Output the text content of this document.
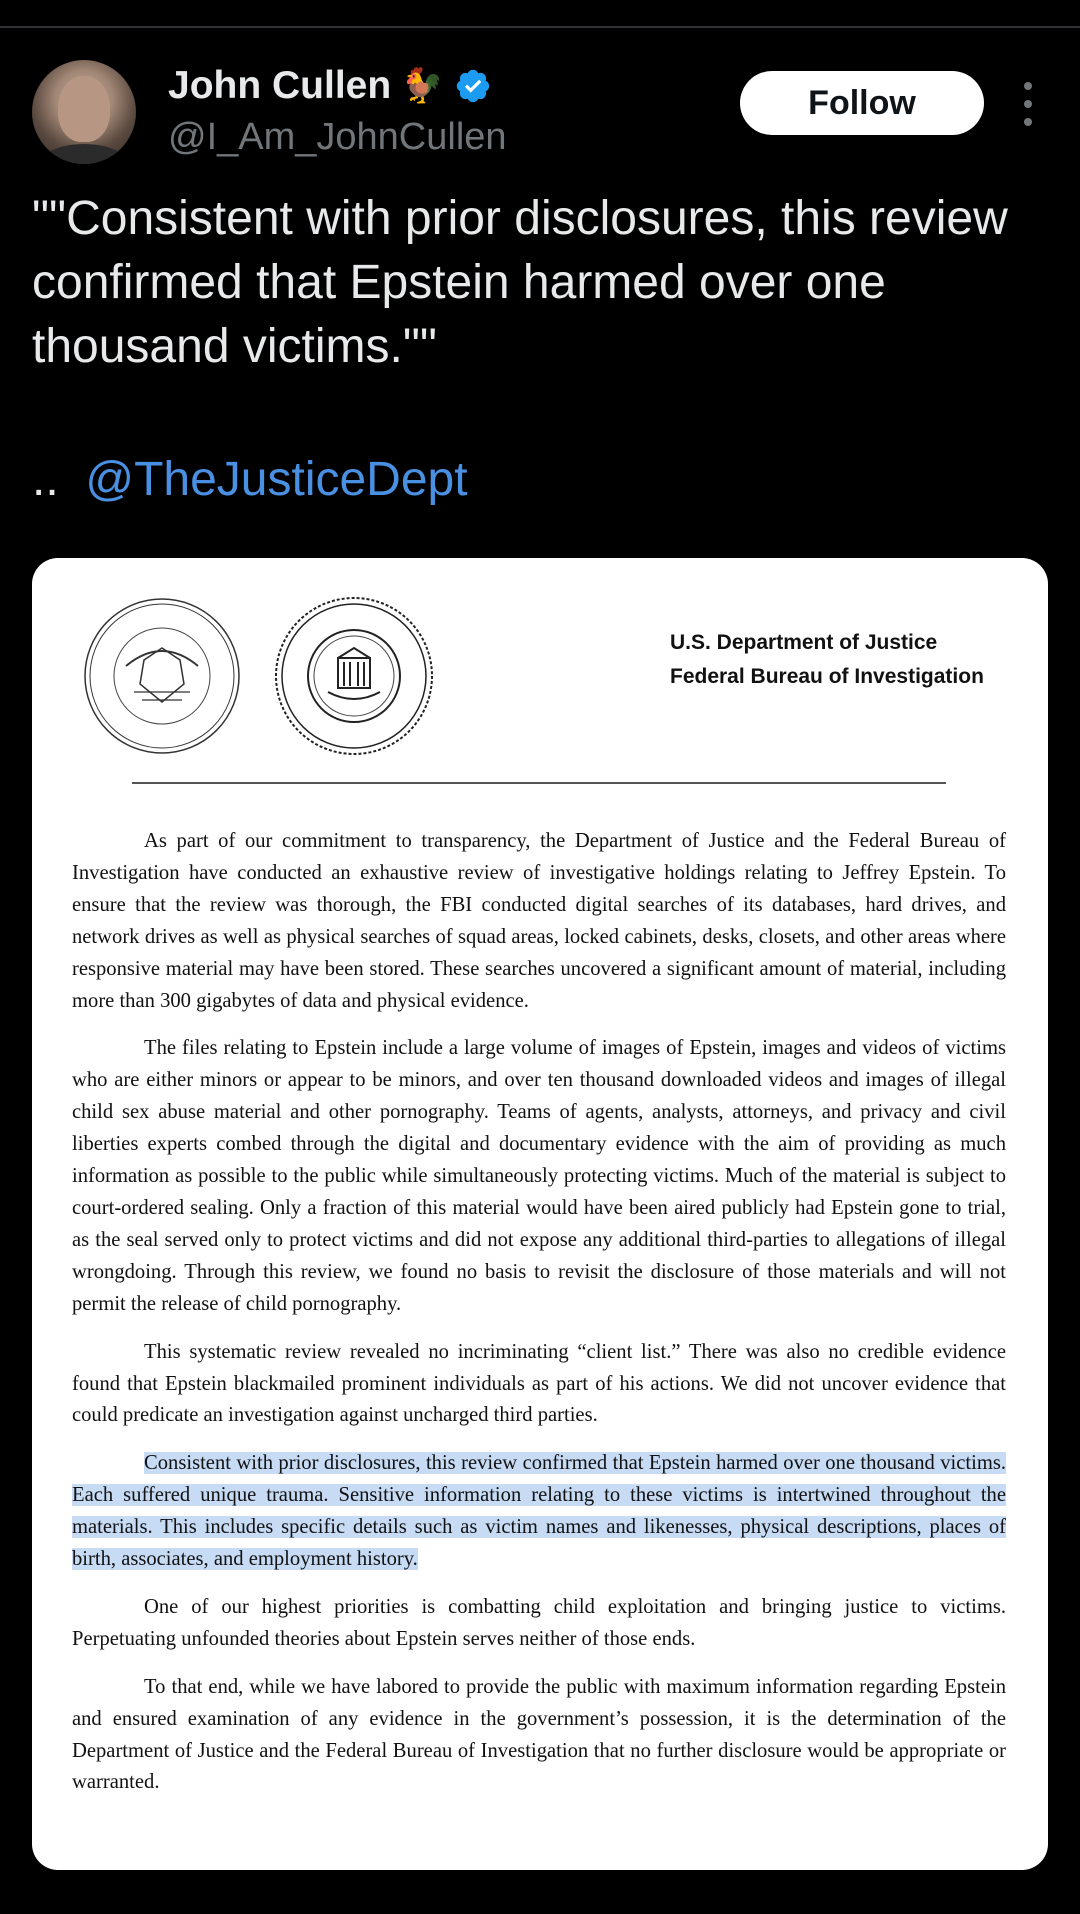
John Cullen 🐓
@I_Am_JohnCullen
Follow
""Consistent with prior disclosures, this review confirmed that Epstein harmed over one thousand victims.""
.. @TheJusticeDept
U.S. Department of Justice
Federal Bureau of Investigation

As part of our commitment to transparency, the Department of Justice and the Federal Bureau of Investigation have conducted an exhaustive review of investigative holdings relating to Jeffrey Epstein. To ensure that the review was thorough, the FBI conducted digital searches of its databases, hard drives, and network drives as well as physical searches of squad areas, locked cabinets, desks, closets, and other areas where responsive material may have been stored. These searches uncovered a significant amount of material, including more than 300 gigabytes of data and physical evidence.

The files relating to Epstein include a large volume of images of Epstein, images and videos of victims who are either minors or appear to be minors, and over ten thousand downloaded videos and images of illegal child sex abuse material and other pornography. Teams of agents, analysts, attorneys, and privacy and civil liberties experts combed through the digital and documentary evidence with the aim of providing as much information as possible to the public while simultaneously protecting victims. Much of the material is subject to court-ordered sealing. Only a fraction of this material would have been aired publicly had Epstein gone to trial, as the seal served only to protect victims and did not expose any additional third-parties to allegations of illegal wrongdoing. Through this review, we found no basis to revisit the disclosure of those materials and will not permit the release of child pornography.

This systematic review revealed no incriminating “client list.” There was also no credible evidence found that Epstein blackmailed prominent individuals as part of his actions. We did not uncover evidence that could predicate an investigation against uncharged third parties.

Consistent with prior disclosures, this review confirmed that Epstein harmed over one thousand victims. Each suffered unique trauma. Sensitive information relating to these victims is intertwined throughout the materials. This includes specific details such as victim names and likenesses, physical descriptions, places of birth, associates, and employment history.

One of our highest priorities is combatting child exploitation and bringing justice to victims. Perpetuating unfounded theories about Epstein serves neither of those ends.

To that end, while we have labored to provide the public with maximum information regarding Epstein and ensured examination of any evidence in the government’s possession, it is the determination of the Department of Justice and the Federal Bureau of Investigation that no further disclosure would be appropriate or warranted.
